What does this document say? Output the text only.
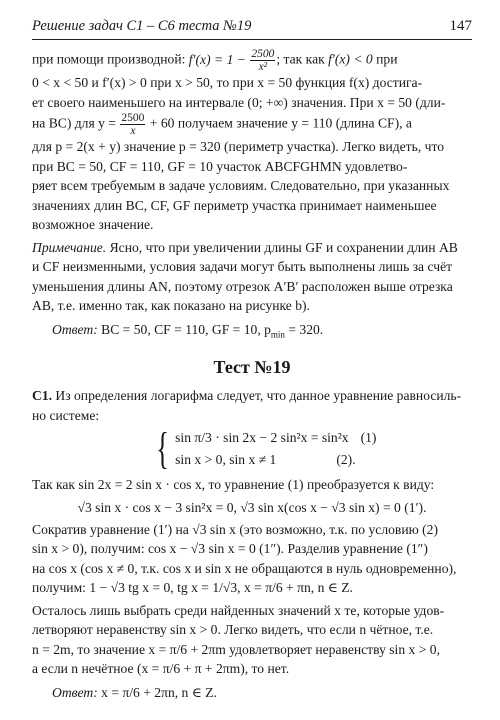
Решение задач C1 – C6 теста №19	147

при помощи производной: $f'(x) = 1 - \frac{2500}{\text{x²}}$ ; так как f′(x) < 0 при

0 < x < 50 и f′(x) > 0 при x > 50, то при x = 50 функция f(x) достига-

ет своего наименьшего на интервале (0; +∞) значения. При x = 50 (дли-

на BC) для $y = \frac{2500}{x} + 60$ получаем значение y = 110 (длина CF), а

для p = 2(x + y) значение p = 320 (периметр участка). Легко видеть, что

при BC = 50, CF = 110, GF = 10 участок ABCFGHMN удовлетво-

ряет всем требуемым в задаче условиям. Следовательно, при указанных

значениях длин BC, CF, GF периметр участка принимает наименьшее

возможное значение.

Примечание. Ясно, что при увеличении длины GF и сохранении длин AB

и CF неизменными, условия задачи могут быть выполнены лишь за счёт

уменьшения длины AN, поэтому отрезок A′B′ расположен выше отрезка

AB, т.е. именно так, как показано на рисунке b).

Ответ: BC = 50, CF = 110, GF = 10, $p_{min} = 320$.
Тест №19

C1. Из определения логарифма следует, что данное уравнение равносиль-

но системе:

{ sin π/3 · sin 2x − 2 sin²x = sin²x (1)
sin x > 0, sin x ≠ 1	(2).

Так как sin 2x = 2 sin x · cos x, то уравнение (1) преобразуется к виду:

√3 sin x · cos x − 3 sin²x = 0, √3 sin x(cos x − √3 sin x) = 0 (1′).

Сократив уравнение (1′) на √3 sin x (это возможно, т.к. по условию (2)

sin x > 0), получим: cos x − √3 sin x = 0 (1″). Разделив уравнение (1″)

на cos x (cos x ≠ 0, т.к. cos x и sin x не обращаются в нуль одновременно),

получим: 1 − √3 tg x = 0, tg x = 1/√3, x = π/6 + πn, n ∈ Z.

Осталось лишь выбрать среди найденных значений x те, которые удов-

летворяют неравенству sin x > 0. Легко видеть, что если n чётное, т.е.

n = 2m, то значение x = π/6 + 2πm удовлетворяет неравенству sin x > 0,

а если n нечётное (x = π/6 + π + 2πm), то нет.

Ответ: x = π/6 + 2πn, n ∈ Z.
